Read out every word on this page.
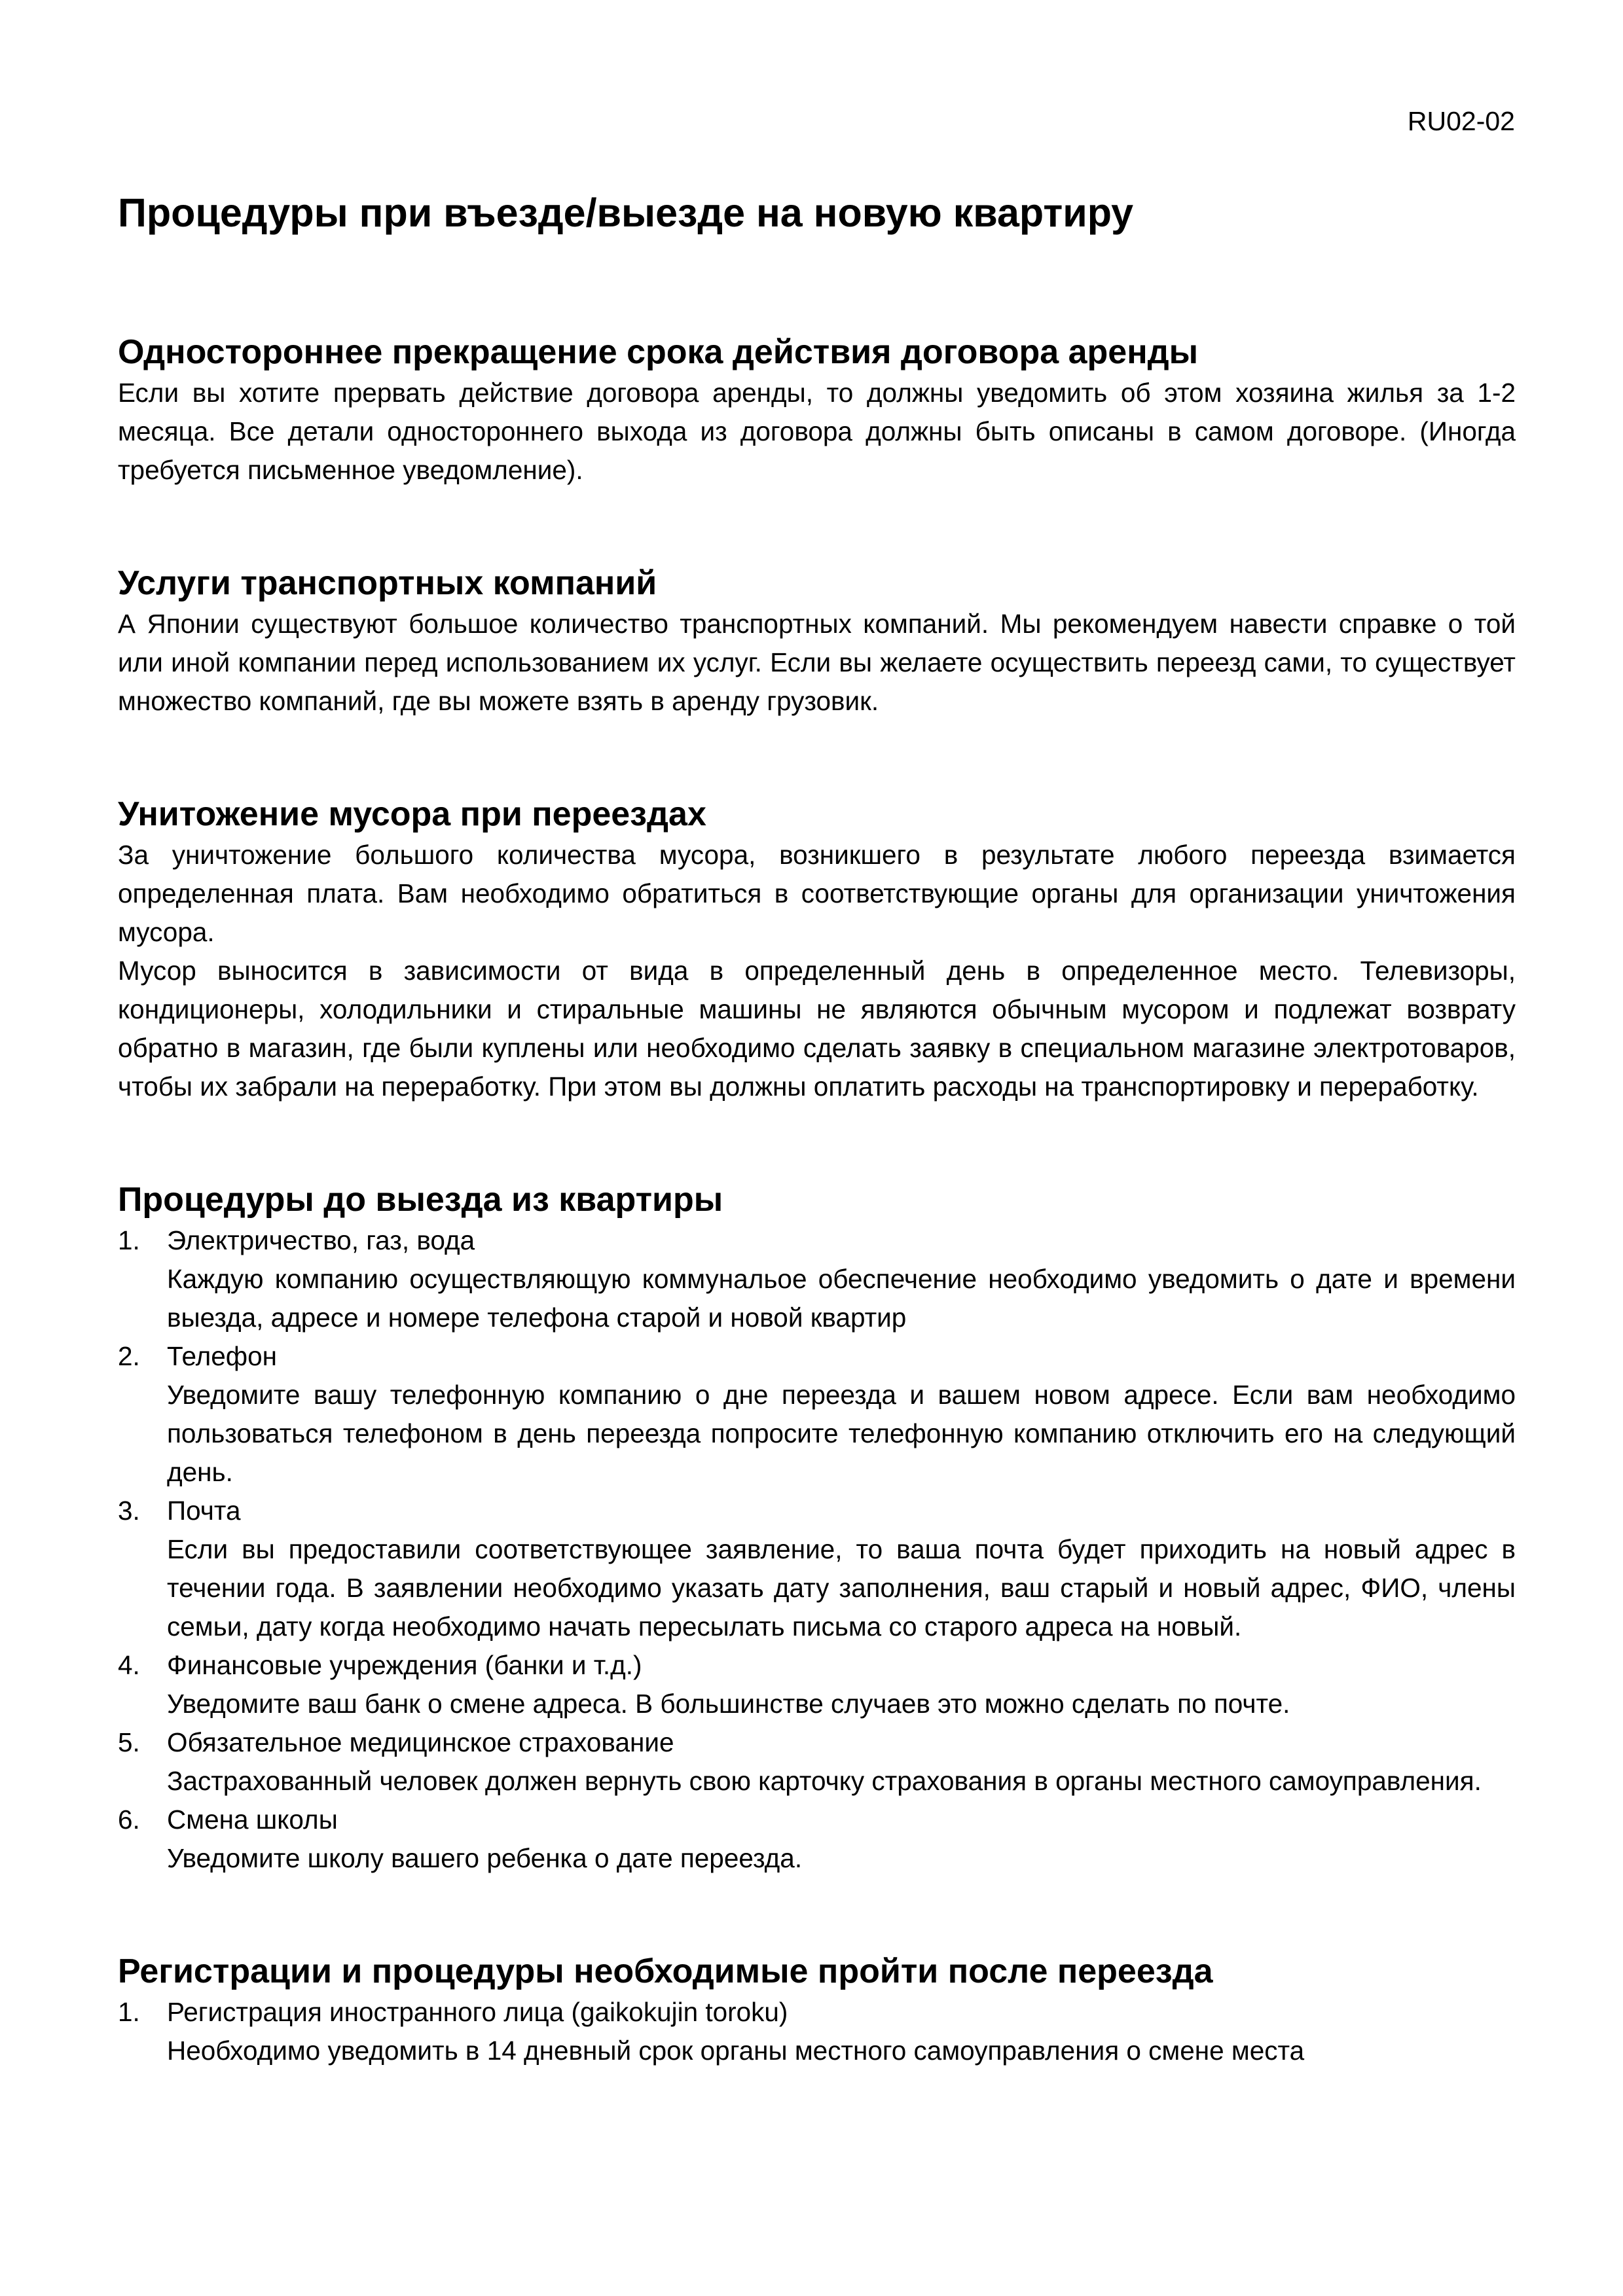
RU02-02
Процедуры при въезде/выезде на новую квартиру
Одностороннее прекращение срока действия договора аренды

Если вы хотите прервать действие договора аренды, то должны уведомить об этом хозяина жилья за 1-2 месяца. Все детали одностороннего выхода из договора должны быть описаны в самом договоре. (Иногда требуется письменное уведомление).

Услуги транспортных компаний

А Японии существуют большое количество транспортных компаний. Мы рекомендуем навести справке о той или иной компании перед использованием их услуг. Если вы желаете осуществить переезд сами, то существует множество компаний, где вы можете взять в аренду грузовик.

Унитожение мусора при переездах

За уничтожение большого количества мусора, возникшего в результате любого переезда взимается определенная плата. Вам необходимо обратиться в соответствующие органы для организации уничтожения мусора.

Мусор выносится в зависимости от вида в определенный день в определенное место. Телевизоры, кондиционеры, холодильники и стиральные машины не являются обычным мусором и подлежат возврату обратно в магазин, где были куплены или необходимо сделать заявку в специальном магазине электротоваров, чтобы их забрали на переработку. При этом вы должны оплатить расходы на транспортировку и переработку.

Процедуры до выезда из квартиры
1.	Электричество, газ, вода
Каждую компанию осуществляющую коммунальое обеспечение необходимо уведомить о дате и времени выезда, адресе и номере телефона старой и новой квартир
2.	Телефон
Уведомите вашу телефонную компанию о дне переезда и вашем новом адресе. Если вам необходимо пользоваться телефоном в день переезда попросите телефонную компанию отключить его на следующий день.
3.	Почта
Если вы предоставили соответствующее заявление, то ваша почта будет приходить на новый адрес в течении года. В заявлении необходимо указать дату заполнения, ваш старый и новый адрес, ФИО, члены семьи, дату когда необходимо начать пересылать письма со старого адреса на новый.
4.	Финансовые учреждения (банки и т.д.)
Уведомите ваш банк о смене адреса. В большинстве случаев это можно сделать по почте.
5.	Обязательное медицинское страхование
Застрахованный человек должен вернуть свою карточку страхования в органы местного самоуправления.
6.	Смена школы
Уведомите школу вашего ребенка о дате переезда.
Регистрации и процедуры необходимые пройти после переезда
1.	Регистрация иностранного лица (gaikokujin toroku)
Необходимо уведомить в 14 дневный срок органы местного самоуправления о смене места
